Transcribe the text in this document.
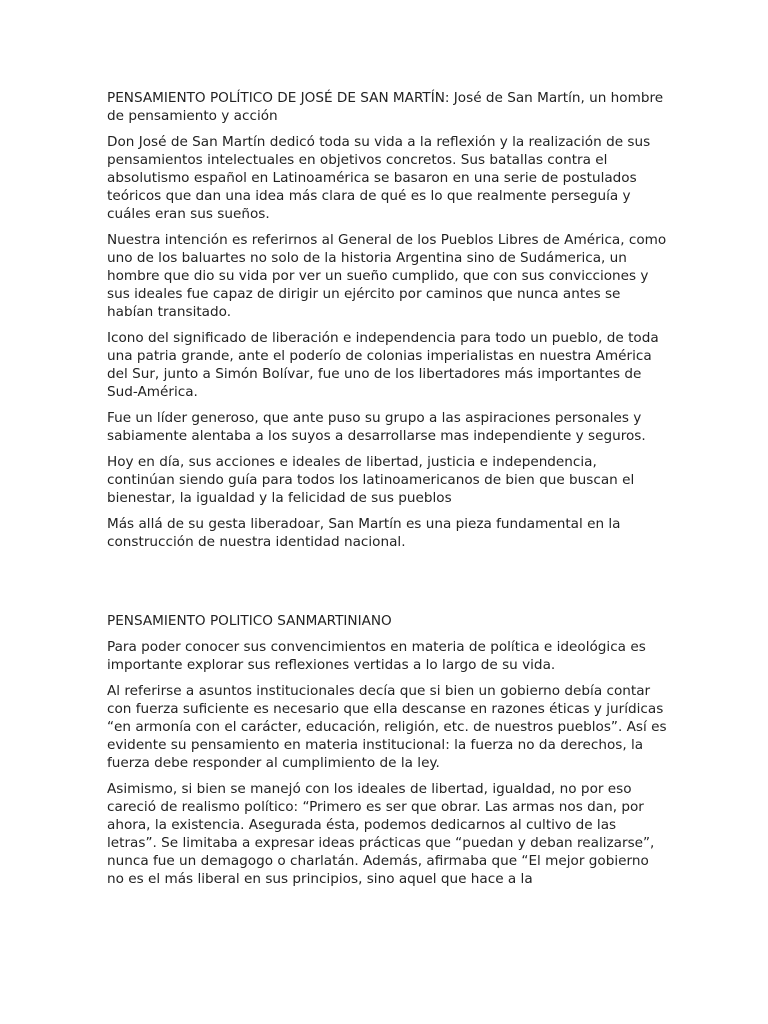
PENSAMIENTO POLÍTICO DE JOSÉ DE SAN MARTÍN: José de San Martín, un hombre de pensamiento y acción

Don José de San Martín dedicó toda su vida a la reflexión y la realización de sus pensamientos intelectuales en objetivos concretos. Sus batallas contra el absolutismo español en Latinoamérica se basaron en una serie de postulados teóricos que dan una idea más clara de qué es lo que realmente perseguía y cuáles eran sus sueños.

Nuestra intención es referirnos al General de los Pueblos Libres de América, como uno de los baluartes no solo de la historia Argentina sino de Sudámerica, un hombre que dio su vida por ver un sueño cumplido, que con sus convicciones y sus ideales fue capaz de dirigir un ejército por caminos que nunca antes se habían transitado.

Icono del significado de liberación e independencia para todo un pueblo, de toda una patria grande, ante el poderío de colonias imperialistas en nuestra América del Sur, junto a Simón Bolívar, fue uno de los libertadores más importantes de Sud-América.

Fue un líder generoso, que ante puso su grupo a las aspiraciones personales y sabiamente alentaba a los suyos a desarrollarse mas independiente y seguros.

Hoy en día, sus acciones e ideales de libertad, justicia e independencia, continúan siendo guía para todos los latinoamericanos de bien que buscan el bienestar, la igualdad y la felicidad de sus pueblos

Más allá de su gesta liberadoar, San Martín es una pieza fundamental en la construcción de nuestra identidad nacional.

PENSAMIENTO POLITICO SANMARTINIANO

Para poder conocer sus convencimientos en materia de política e ideológica es importante explorar sus reflexiones vertidas a lo largo de su vida.

Al referirse a asuntos institucionales decía que si bien un gobierno debía contar con fuerza suficiente es necesario que ella descanse en razones éticas y jurídicas “en armonía con el carácter, educación, religión, etc. de nuestros pueblos”. Así es evidente su pensamiento en materia institucional: la fuerza no da derechos, la fuerza debe responder al cumplimiento de la ley.

Asimismo, si bien se manejó con los ideales de libertad, igualdad, no por eso careció de realismo político: “Primero es ser que obrar. Las armas nos dan, por ahora, la existencia. Asegurada ésta, podemos dedicarnos al cultivo de las letras”. Se limitaba a expresar ideas prácticas que “puedan y deban realizarse”, nunca fue un demagogo o charlatán. Además, afirmaba que “El mejor gobierno no es el más liberal en sus principios, sino aquel que hace a la
